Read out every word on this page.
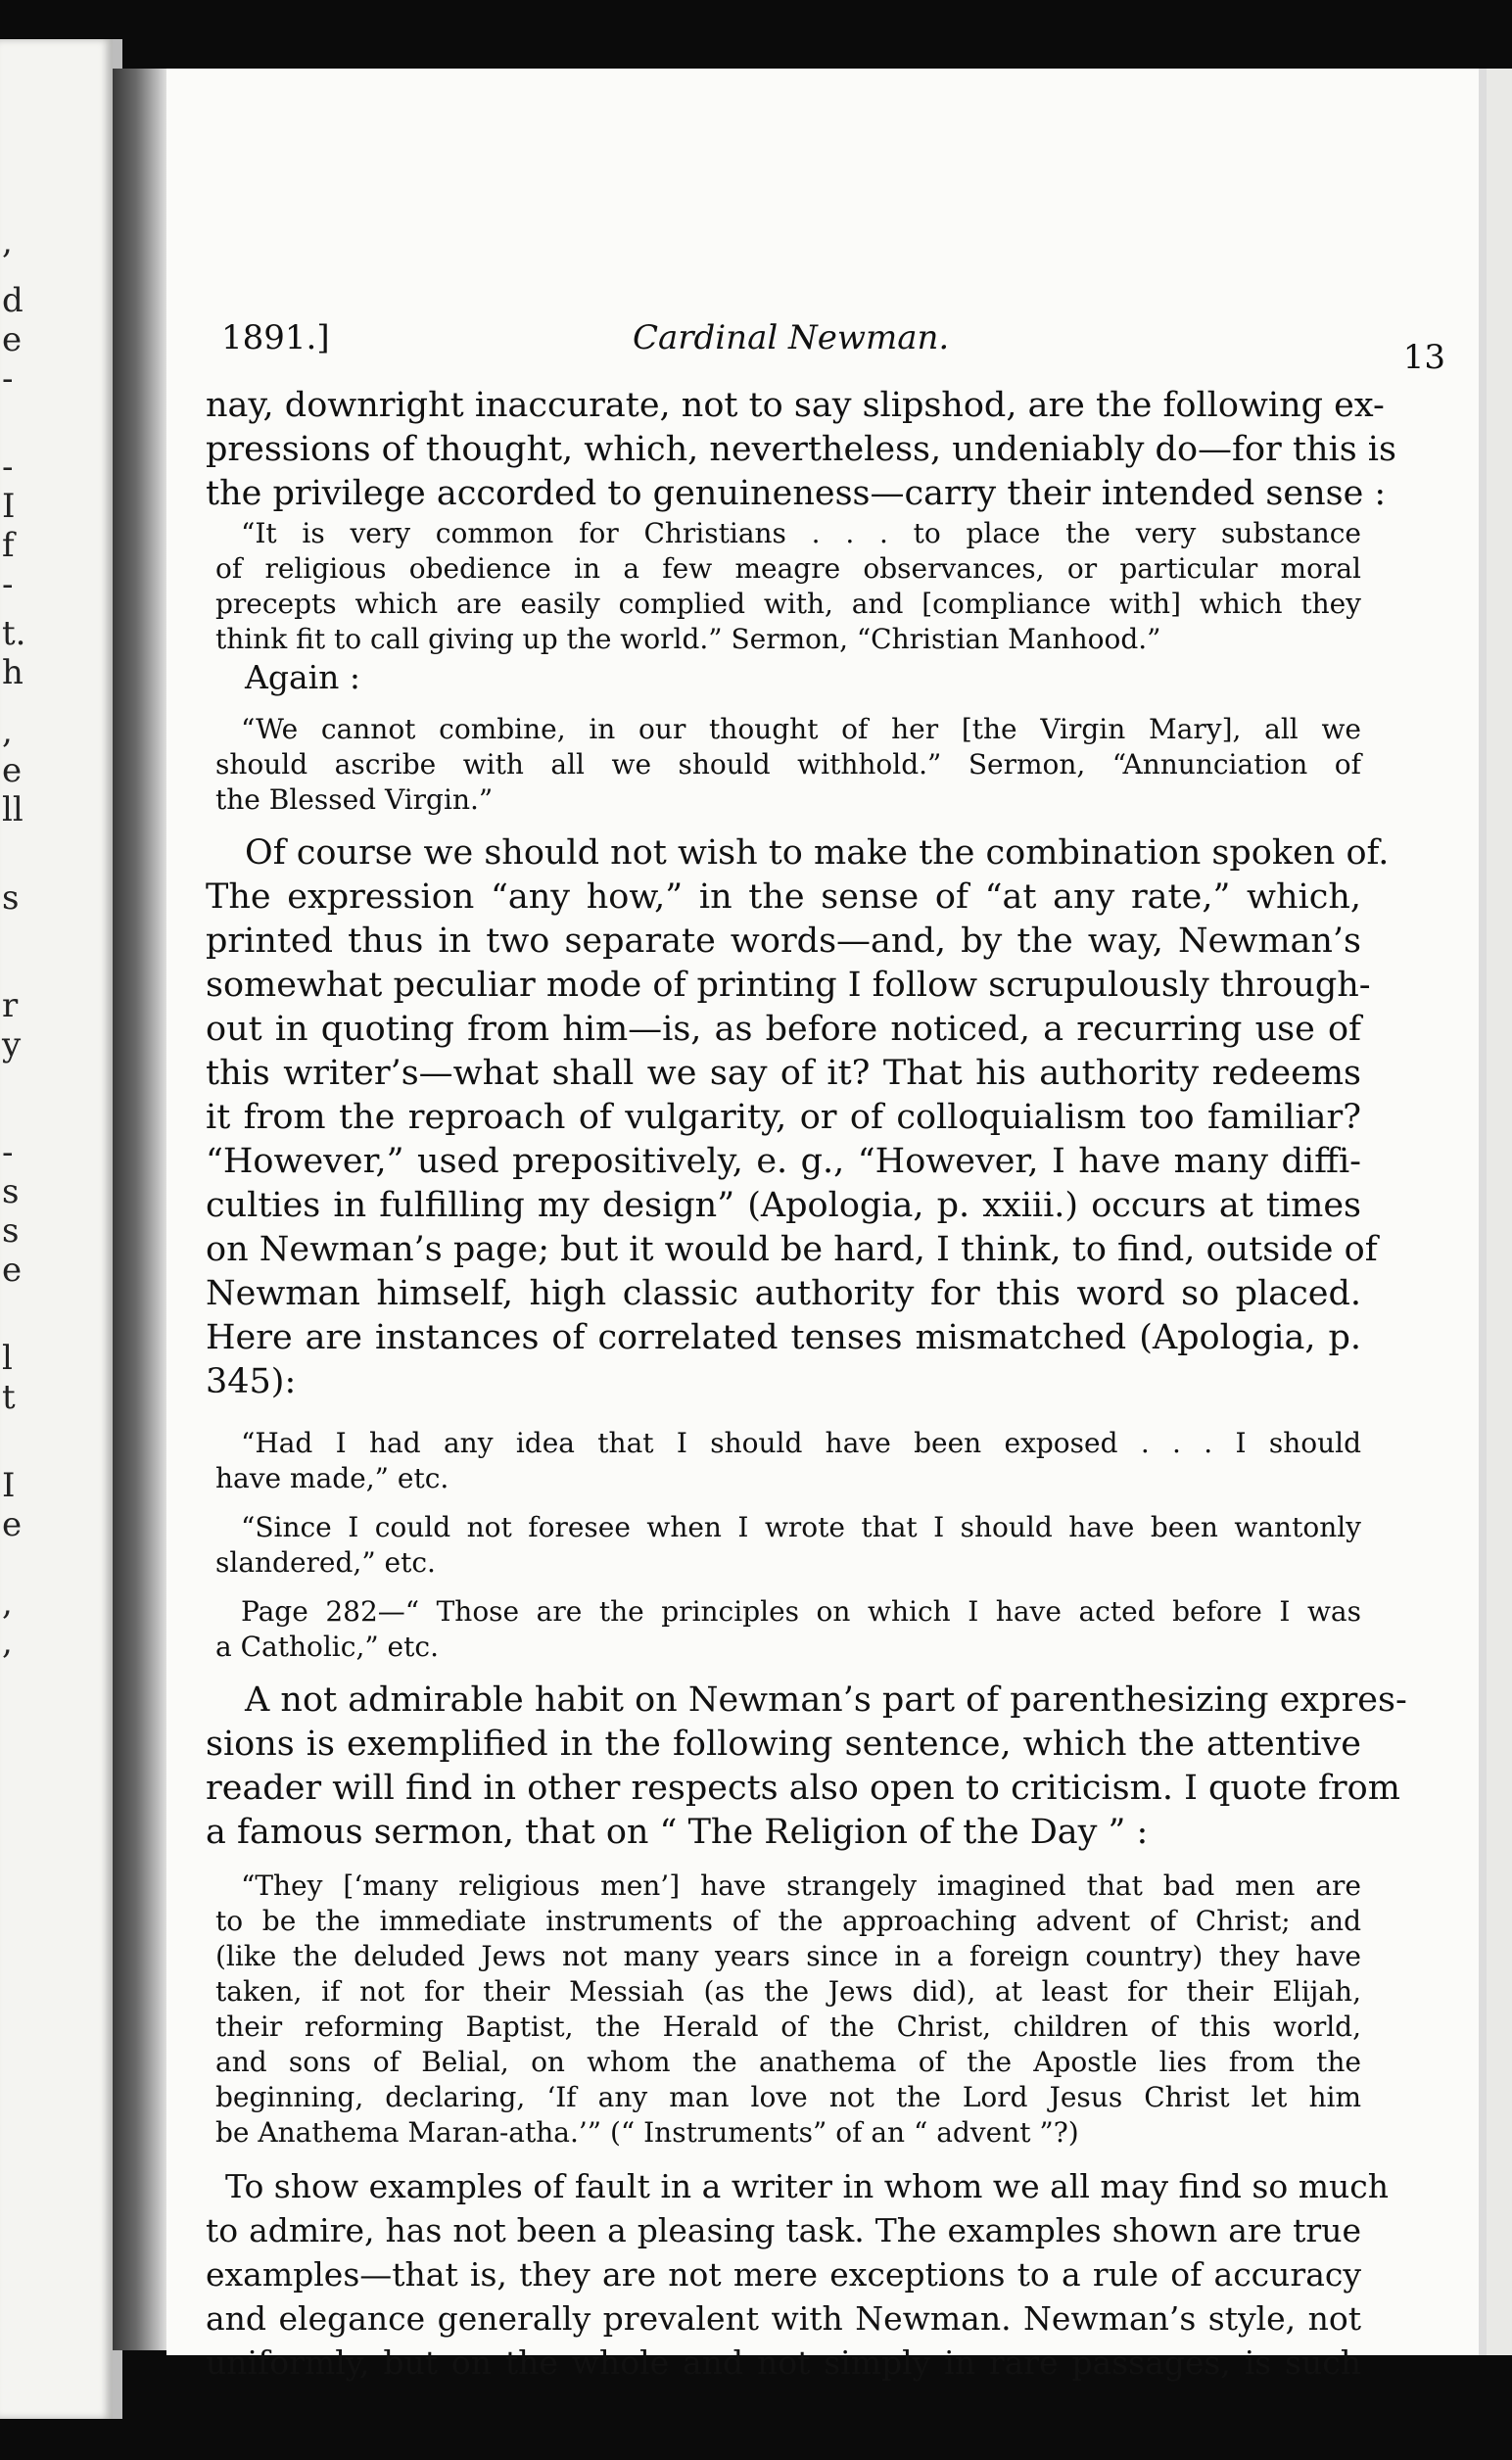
,
d
e
-
-
I
f
-
t.
h
,
e
ll
s
r
y
-
s
s
e
l
t
I
e
,
,
1891.]	Cardinal Newman.	13
nay, downright inaccurate, not to say slipshod, are the following ex-
pressions of thought, which, nevertheless, undeniably do—for this is
the privilege accorded to genuineness—carry their intended sense :
“It is very common for Christians . . . to place the very substance
of religious obedience in a few meagre observances, or particular moral
precepts which are easily complied with, and [compliance with] which they
think fit to call giving up the world.” Sermon, “Christian Manhood.”
Again :
“We cannot combine, in our thought of her [the Virgin Mary], all we
should ascribe with all we should withhold.” Sermon, “Annunciation of
the Blessed Virgin.”
Of course we should not wish to make the combination spoken of.
The expression “any how,” in the sense of “at any rate,” which,
printed thus in two separate words—and, by the way, Newman’s
somewhat peculiar mode of printing I follow scrupulously through-
out in quoting from him—is, as before noticed, a recurring use of
this writer’s—what shall we say of it? That his authority redeems
it from the reproach of vulgarity, or of colloquialism too familiar?
“However,” used prepositively, e. g., “However, I have many diffi-
culties in fulfilling my design” (Apologia, p. xxiii.) occurs at times
on Newman’s page; but it would be hard, I think, to find, outside of
Newman himself, high classic authority for this word so placed.
Here are instances of correlated tenses mismatched (Apologia, p.
345):
“Had I had any idea that I should have been exposed . . . I should
have made,” etc.
“Since I could not foresee when I wrote that I should have been wantonly
slandered,” etc.
Page 282—“ Those are the principles on which I have acted before I was
a Catholic,” etc.
A not admirable habit on Newman’s part of parenthesizing expres-
sions is exemplified in the following sentence, which the attentive
reader will find in other respects also open to criticism. I quote from
a famous sermon, that on “ The Religion of the Day ” :
“They [‘many religious men’] have strangely imagined that bad men are
to be the immediate instruments of the approaching advent of Christ; and
(like the deluded Jews not many years since in a foreign country) they have
taken, if not for their Messiah (as the Jews did), at least for their Elijah,
their reforming Baptist, the Herald of the Christ, children of this world,
and sons of Belial, on whom the anathema of the Apostle lies from the
beginning, declaring, ‘If any man love not the Lord Jesus Christ let him
be Anathema Maran-atha.’” (“ Instruments” of an “ advent ”?)
To show examples of fault in a writer in whom we all may find so much
to admire, has not been a pleasing task. The examples shown are true
examples—that is, they are not mere exceptions to a rule of accuracy
and elegance generally prevalent with Newman. Newman’s style, not
uniformly, but on the whole and not simply in rare passages, is such
